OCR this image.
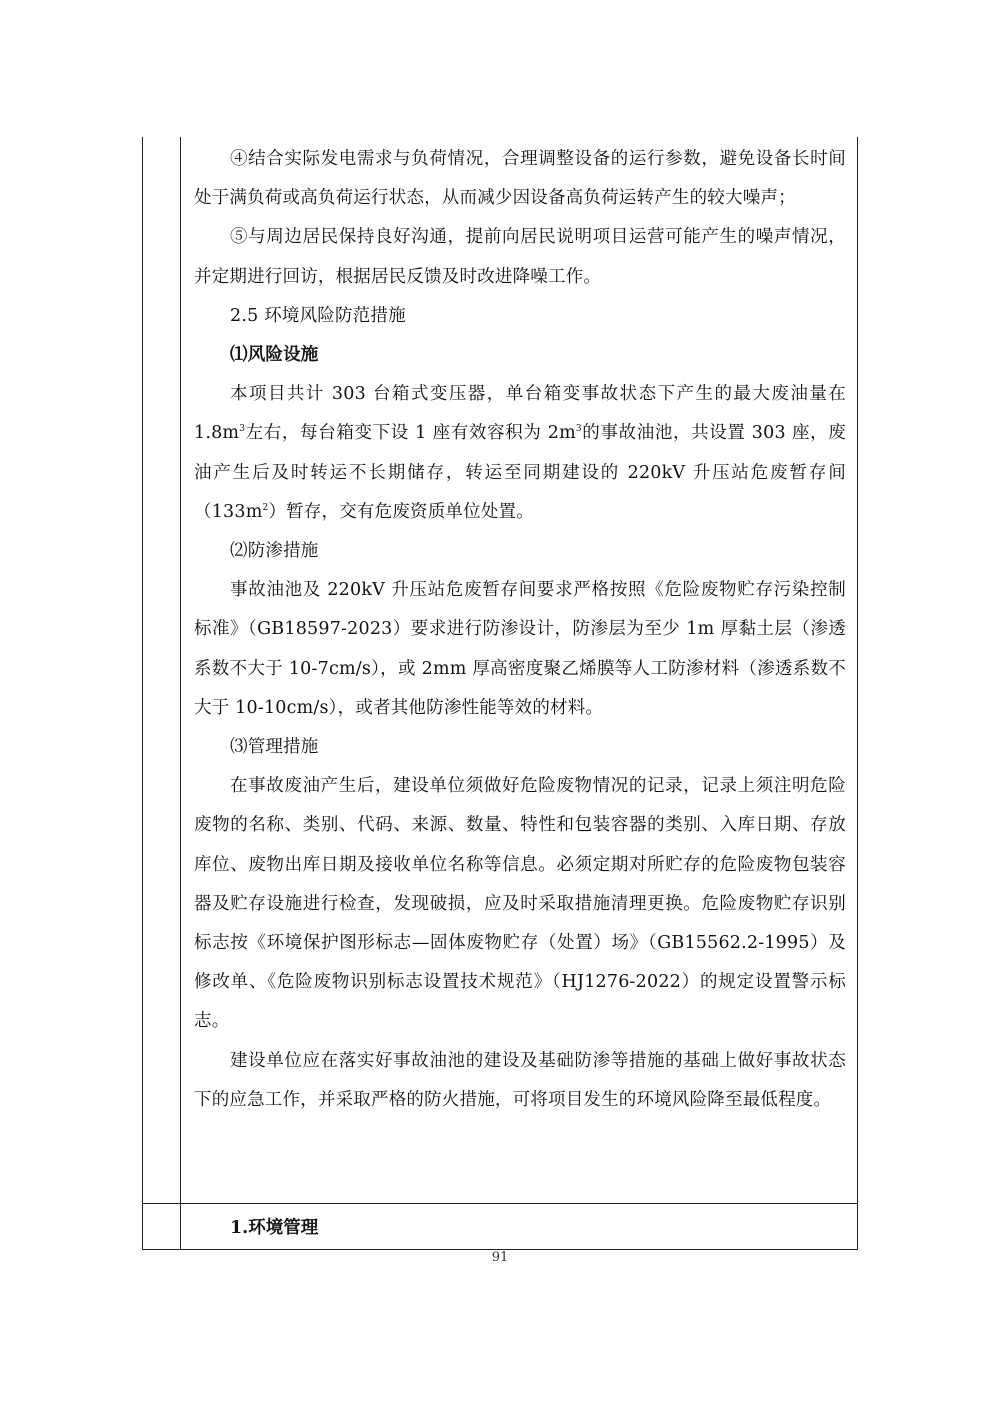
④结合实际发电需求与负荷情况，合理调整设备的运行参数，避免设备长时间处于满负荷或高负荷运行状态，从而减少因设备高负荷运转产生的较大噪声；

⑤与周边居民保持良好沟通，提前向居民说明项目运营可能产生的噪声情况，并定期进行回访，根据居民反馈及时改进降噪工作。

2.5 环境风险防范措施

⑴风险设施

本项目共计 303 台箱式变压器，单台箱变事故状态下产生的最大废油量在 $1.8m^3$左右，每台箱变下设 1 座有效容积为 $2m^3$的事故油池，共设置 303 座，废油产生后及时转运不长期储存，转运至同期建设的 220kV 升压站危废暂存间$(133m^2)$暂存，交有危废资质单位处置。

⑵防渗措施

事故油池及 220kV 升压站危废暂存间要求严格按照《危险废物贮存污染控制标准》（GB18597-2023）要求进行防渗设计，防渗层为至少 1m 厚黏土层（渗透系数不大于 10-7cm/s），或 2mm 厚高密度聚乙烯膜等人工防渗材料（渗透系数不大于 10-10cm/s），或者其他防渗性能等效的材料。

⑶管理措施

在事故废油产生后，建设单位须做好危险废物情况的记录，记录上须注明危险废物的名称、类别、代码、来源、数量、特性和包装容器的类别、入库日期、存放库位、废物出库日期及接收单位名称等信息。必须定期对所贮存的危险废物包装容器及贮存设施进行检查，发现破损，应及时采取措施清理更换。危险废物贮存识别标志按《环境保护图形标志—固体废物贮存（处置）场》（GB15562.2-1995）及修改单、《危险废物识别标志设置技术规范》（HJ1276-2022）的规定设置警示标志。

建设单位应在落实好事故油池的建设及基础防渗等措施的基础上做好事故状态下的应急工作，并采取严格的防火措施，可将项目发生的环境风险降至最低程度。

1.环境管理
91
